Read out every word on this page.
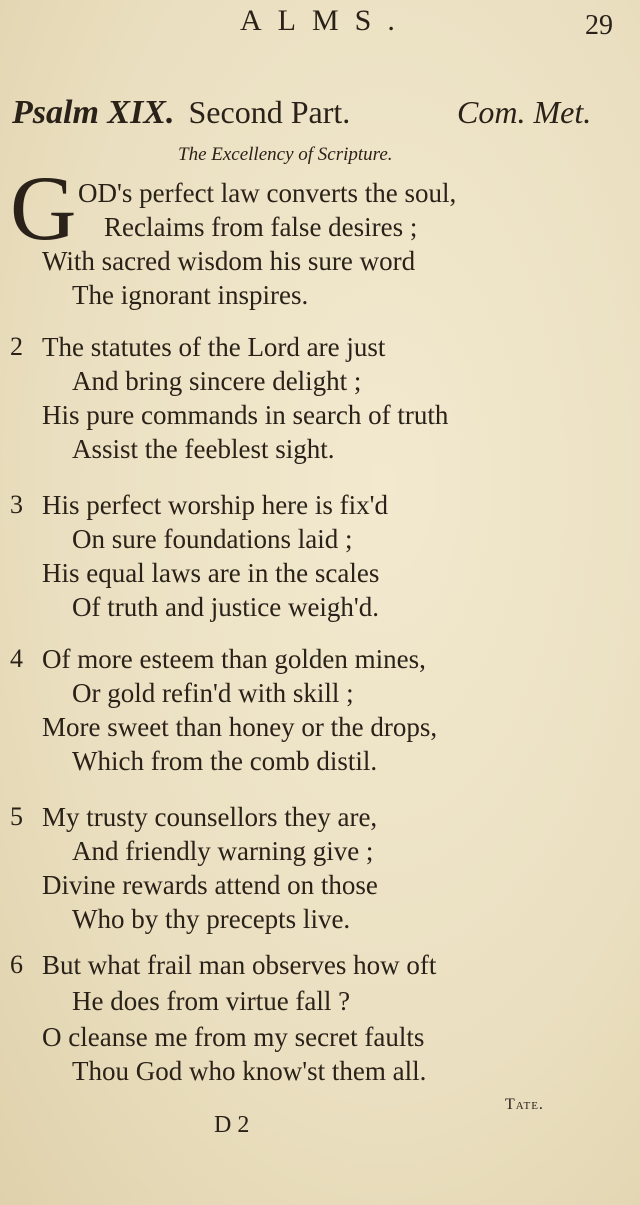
ALMS.	29
Psalm XIX. Second Part.	Com. Met.
The Excellency of Scripture.
G OD's perfect law converts the soul,
Reclaims from false desires ;
With sacred wisdom his sure word
The ignorant inspires.
2 The statutes of the Lord are just
And bring sincere delight ;
His pure commands in search of truth
Assist the feeblest sight.
3 His perfect worship here is fix'd
On sure foundations laid ;
His equal laws are in the scales
Of truth and justice weigh'd.
4 Of more esteem than golden mines,
Or gold refin'd with skill ;
More sweet than honey or the drops,
Which from the comb distil.
5 My trusty counsellors they are,
And friendly warning give ;
Divine rewards attend on those
Who by thy precepts live.
6 But what frail man observes how oft
He does from virtue fall ?
O cleanse me from my secret faults
Thou God who know'st them all.
Tate.
D 2
